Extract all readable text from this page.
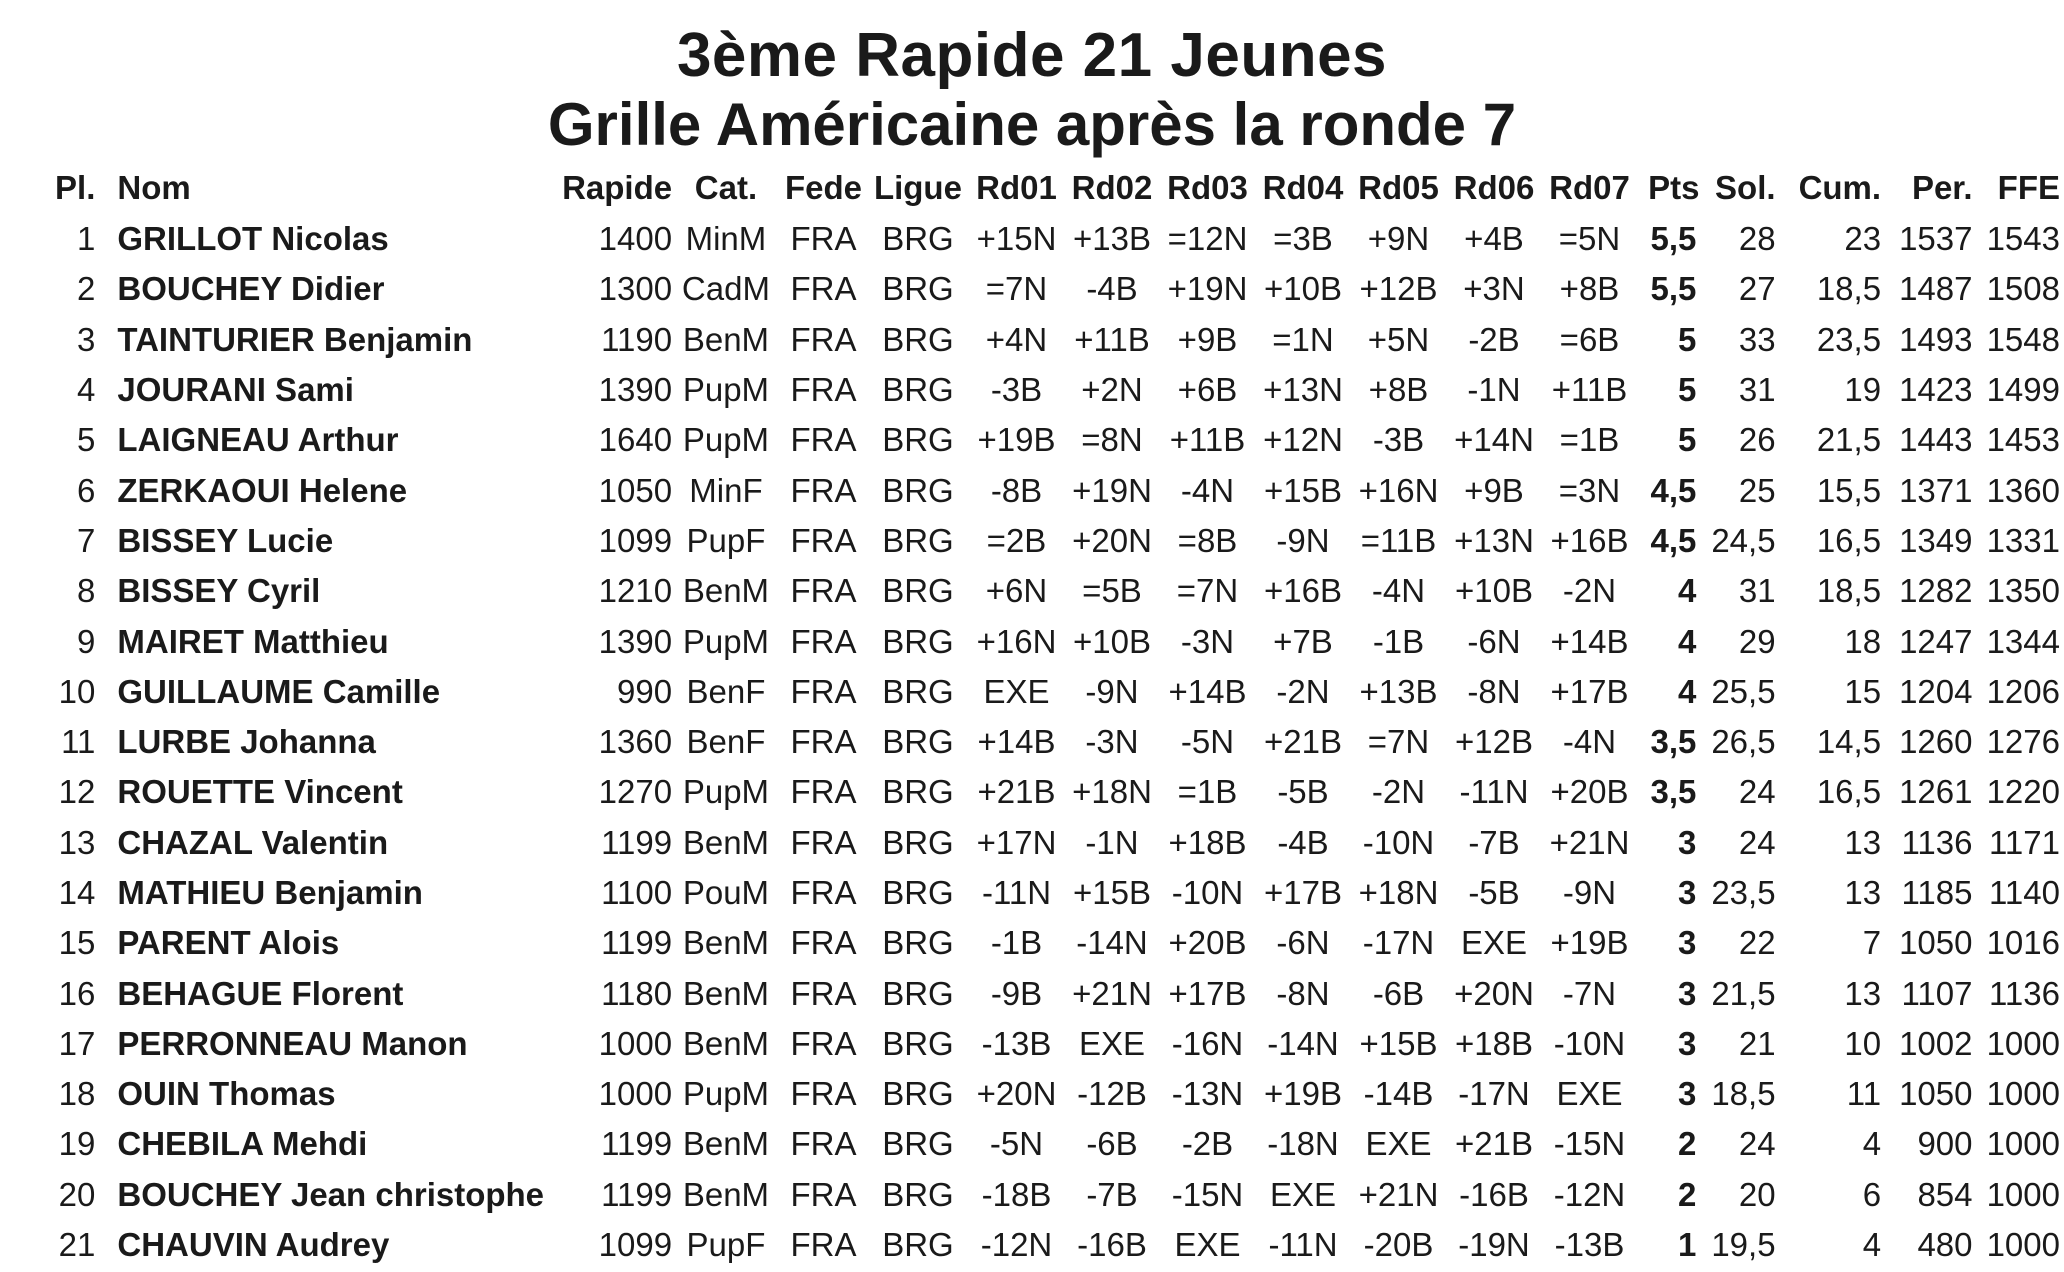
3ème Rapide 21 Jeunes
Grille Américaine après la ronde 7
Pl.	Nom	Rapide	Cat.	Fede	Ligue	Rd01	Rd02	Rd03	Rd04	Rd05	Rd06	Rd07	Pts	Sol.	Cum.	Per.	FFE
1	GRILLOT Nicolas	1400	MinM	FRA	BRG	+15N	+13B	=12N	=3B	+9N	+4B	=5N	5,5	28	23	1537	1543
2	BOUCHEY Didier	1300	CadM	FRA	BRG	=7N	-4B	+19N	+10B	+12B	+3N	+8B	5,5	27	18,5	1487	1508
3	TAINTURIER Benjamin	1190	BenM	FRA	BRG	+4N	+11B	+9B	=1N	+5N	-2B	=6B	5	33	23,5	1493	1548
4	JOURANI Sami	1390	PupM	FRA	BRG	-3B	+2N	+6B	+13N	+8B	-1N	+11B	5	31	19	1423	1499
5	LAIGNEAU Arthur	1640	PupM	FRA	BRG	+19B	=8N	+11B	+12N	-3B	+14N	=1B	5	26	21,5	1443	1453
6	ZERKAOUI Helene	1050	MinF	FRA	BRG	-8B	+19N	-4N	+15B	+16N	+9B	=3N	4,5	25	15,5	1371	1360
7	BISSEY Lucie	1099	PupF	FRA	BRG	=2B	+20N	=8B	-9N	=11B	+13N	+16B	4,5	24,5	16,5	1349	1331
8	BISSEY Cyril	1210	BenM	FRA	BRG	+6N	=5B	=7N	+16B	-4N	+10B	-2N	4	31	18,5	1282	1350
9	MAIRET Matthieu	1390	PupM	FRA	BRG	+16N	+10B	-3N	+7B	-1B	-6N	+14B	4	29	18	1247	1344
10	GUILLAUME Camille	990	BenF	FRA	BRG	EXE	-9N	+14B	-2N	+13B	-8N	+17B	4	25,5	15	1204	1206
11	LURBE Johanna	1360	BenF	FRA	BRG	+14B	-3N	-5N	+21B	=7N	+12B	-4N	3,5	26,5	14,5	1260	1276
12	ROUETTE Vincent	1270	PupM	FRA	BRG	+21B	+18N	=1B	-5B	-2N	-11N	+20B	3,5	24	16,5	1261	1220
13	CHAZAL Valentin	1199	BenM	FRA	BRG	+17N	-1N	+18B	-4B	-10N	-7B	+21N	3	24	13	1136	1171
14	MATHIEU Benjamin	1100	PouM	FRA	BRG	-11N	+15B	-10N	+17B	+18N	-5B	-9N	3	23,5	13	1185	1140
15	PARENT Alois	1199	BenM	FRA	BRG	-1B	-14N	+20B	-6N	-17N	EXE	+19B	3	22	7	1050	1016
16	BEHAGUE Florent	1180	BenM	FRA	BRG	-9B	+21N	+17B	-8N	-6B	+20N	-7N	3	21,5	13	1107	1136
17	PERRONNEAU Manon	1000	BenM	FRA	BRG	-13B	EXE	-16N	-14N	+15B	+18B	-10N	3	21	10	1002	1000
18	OUIN Thomas	1000	PupM	FRA	BRG	+20N	-12B	-13N	+19B	-14B	-17N	EXE	3	18,5	11	1050	1000
19	CHEBILA Mehdi	1199	BenM	FRA	BRG	-5N	-6B	-2B	-18N	EXE	+21B	-15N	2	24	4	900	1000
20	BOUCHEY Jean christophe	1199	BenM	FRA	BRG	-18B	-7B	-15N	EXE	+21N	-16B	-12N	2	20	6	854	1000
21	CHAUVIN Audrey	1099	PupF	FRA	BRG	-12N	-16B	EXE	-11N	-20B	-19N	-13B	1	19,5	4	480	1000
